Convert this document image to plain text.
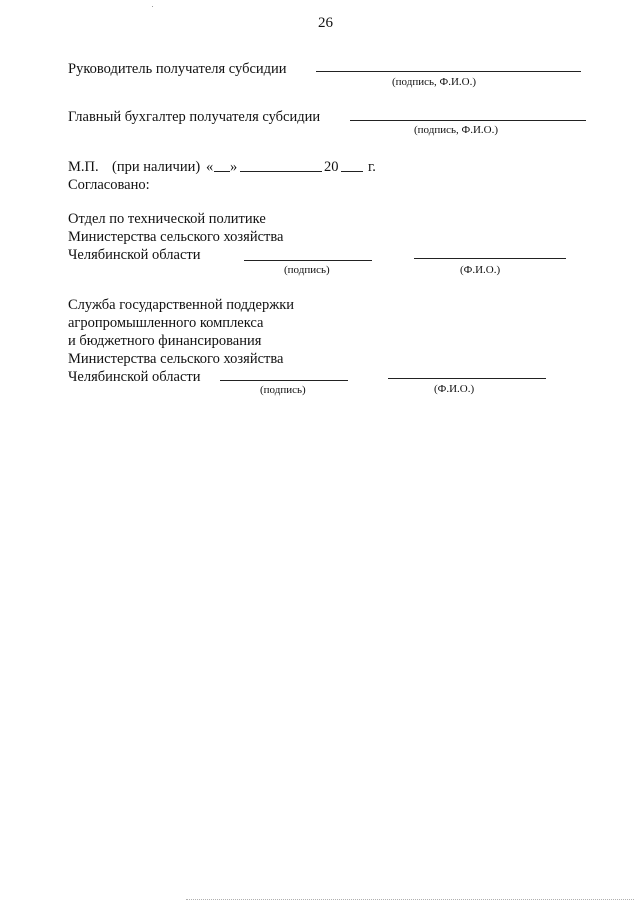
26
Руководитель получателя субсидии
(подпись, Ф.И.О.)
Главный бухгалтер получателя субсидии
(подпись, Ф.И.О.)
М.П. (при наличии) « »	20 г.
Согласовано:
Отдел по технической политике
Министерства сельского хозяйства
Челябинской области
(подпись)	(Ф.И.О.)
Служба государственной поддержки
агропромышленного комплекса
и бюджетного финансирования
Министерства сельского хозяйства
Челябинской области
(подпись)	(Ф.И.О.)
